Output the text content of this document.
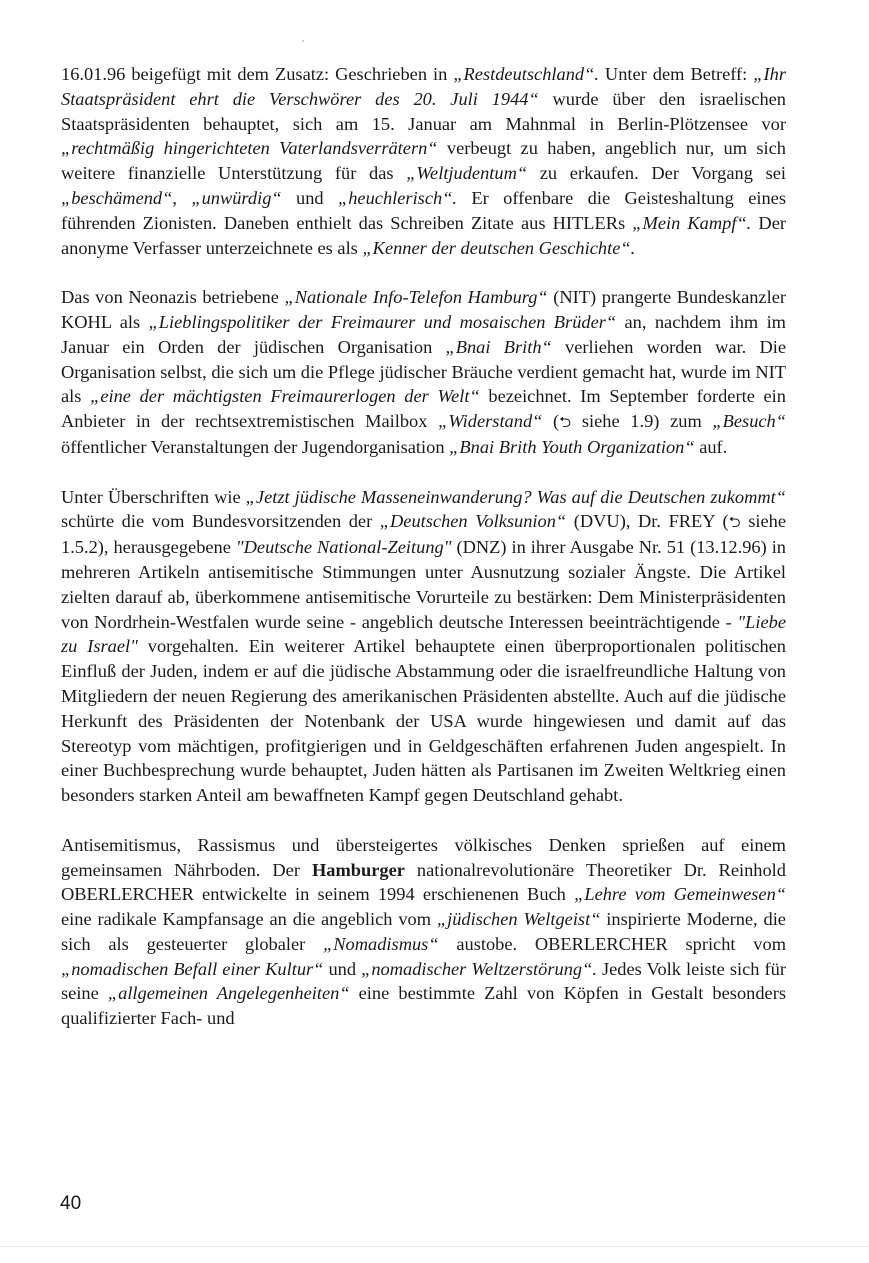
16.01.96 beigefügt mit dem Zusatz: Geschrieben in „Restdeutschland“. Unter dem Betreff: „Ihr Staatspräsident ehrt die Verschwörer des 20. Juli 1944“ wurde über den israelischen Staatspräsidenten behauptet, sich am 15. Januar am Mahnmal in Berlin-Plötzensee vor „rechtmäßig hingerichteten Vaterlandsverrätern“ verbeugt zu haben, angeblich nur, um sich weitere finanzielle Unterstützung für das „Weltjudentum“ zu erkaufen. Der Vorgang sei „beschämend“, „unwürdig“ und „heuchlerisch“. Er offenbare die Geisteshaltung eines führenden Zionisten. Daneben enthielt das Schreiben Zitate aus HITLERs „Mein Kampf“. Der anonyme Verfasser unterzeichnete es als „Kenner der deutschen Geschichte“.

Das von Neonazis betriebene „Nationale Info-Telefon Hamburg“ (NIT) prangerte Bundeskanzler KOHL als „Lieblingspolitiker der Freimaurer und mosaischen Brüder“ an, nachdem ihm im Januar ein Orden der jüdischen Organisation „Bnai Brith“ verliehen worden war. Die Organisation selbst, die sich um die Pflege jüdischer Bräuche verdient gemacht hat, wurde im NIT als „eine der mächtigsten Freimaurerlogen der Welt“ bezeichnet. Im September forderte ein Anbieter in der rechtsextremistischen Mailbox „Widerstand“ (⮌ siehe 1.9) zum „Besuch“ öffentlicher Veranstaltungen der Jugendorganisation „Bnai Brith Youth Organization“ auf.

Unter Überschriften wie „Jetzt jüdische Masseneinwanderung? Was auf die Deutschen zukommt“ schürte die vom Bundesvorsitzenden der „Deutschen Volksunion“ (DVU), Dr. FREY (⮌ siehe 1.5.2), herausgegebene "Deutsche National-Zeitung" (DNZ) in ihrer Ausgabe Nr. 51 (13.12.96) in mehreren Artikeln antisemitische Stimmungen unter Ausnutzung sozialer Ängste. Die Artikel zielten darauf ab, überkommene antisemitische Vorurteile zu bestärken: Dem Ministerpräsidenten von Nordrhein-Westfalen wurde seine - angeblich deutsche Interessen beeinträchtigende - "Liebe zu Israel" vorgehalten. Ein weiterer Artikel behauptete einen überproportionalen politischen Einfluß der Juden, indem er auf die jüdische Abstammung oder die israelfreundliche Haltung von Mitgliedern der neuen Regierung des amerikanischen Präsidenten abstellte. Auch auf die jüdische Herkunft des Präsidenten der Notenbank der USA wurde hingewiesen und damit auf das Stereotyp vom mächtigen, profitgierigen und in Geldgeschäften erfahrenen Juden angespielt. In einer Buchbesprechung wurde behauptet, Juden hätten als Partisanen im Zweiten Weltkrieg einen besonders starken Anteil am bewaffneten Kampf gegen Deutschland gehabt.

Antisemitismus, Rassismus und übersteigertes völkisches Denken sprießen auf einem gemeinsamen Nährboden. Der Hamburger nationalrevolutionäre Theoretiker Dr. Reinhold OBERLERCHER entwickelte in seinem 1994 erschienenen Buch „Lehre vom Gemeinwesen“ eine radikale Kampfansage an die angeblich vom „jüdischen Weltgeist“ inspirierte Moderne, die sich als gesteuerter globaler „Nomadismus“ austobe. OBERLERCHER spricht vom „nomadischen Befall einer Kultur“ und „nomadischer Weltzerstörung“. Jedes Volk leiste sich für seine „allgemeinen Angelegenheiten“ eine bestimmte Zahl von Köpfen in Gestalt besonders qualifizierter Fach- und

40
